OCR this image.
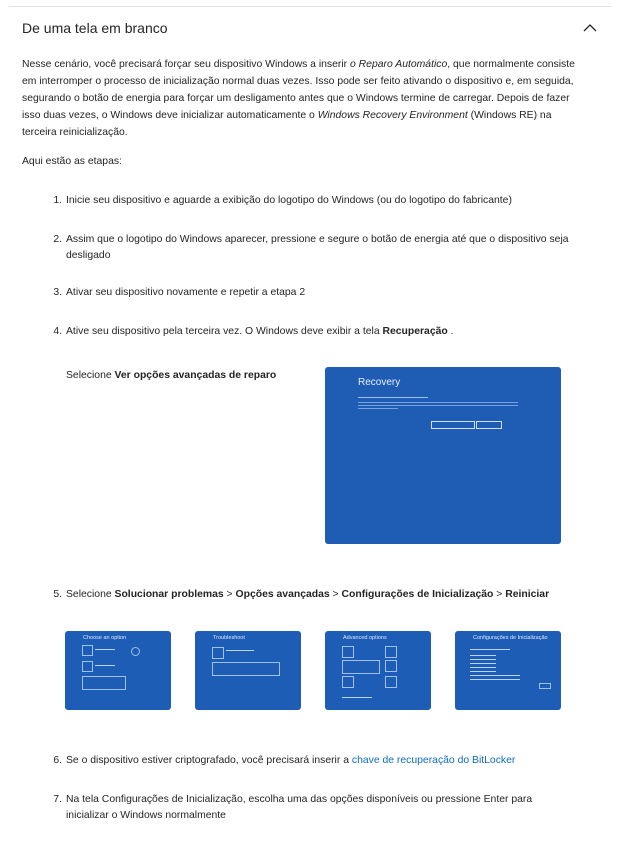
De uma tela em branco

Nesse cenário, você precisará forçar seu dispositivo Windows a inserir o Reparo Automático, que normalmente consiste em interromper o processo de inicialização normal duas vezes. Isso pode ser feito ativando o dispositivo e, em seguida, segurando o botão de energia para forçar um desligamento antes que o Windows termine de carregar. Depois de fazer isso duas vezes, o Windows deve inicializar automaticamente o Windows Recovery Environment (Windows RE) na terceira reinicialização.

Aqui estão as etapas:

1. Inicie seu dispositivo e aguarde a exibição do logotipo do Windows (ou do logotipo do fabricante)
2. Assim que o logotipo do Windows aparecer, pressione e segure o botão de energia até que o dispositivo seja desligado
3. Ativar seu dispositivo novamente e repetir a etapa 2
4. Ative seu dispositivo pela terceira vez. O Windows deve exibir a tela Recuperação .
Selecione Ver opções avançadas de reparo
Recovery
5. Selecione Solucionar problemas > Opções avançadas > Configurações de Inicialização > Reiniciar
Choose an option	Troubleshoot	Advanced options	Configurações de Inicialização
6. Se o dispositivo estiver criptografado, você precisará inserir a chave de recuperação do BitLocker
7. Na tela Configurações de Inicialização, escolha uma das opções disponíveis ou pressione Enter para inicializar o Windows normalmente
